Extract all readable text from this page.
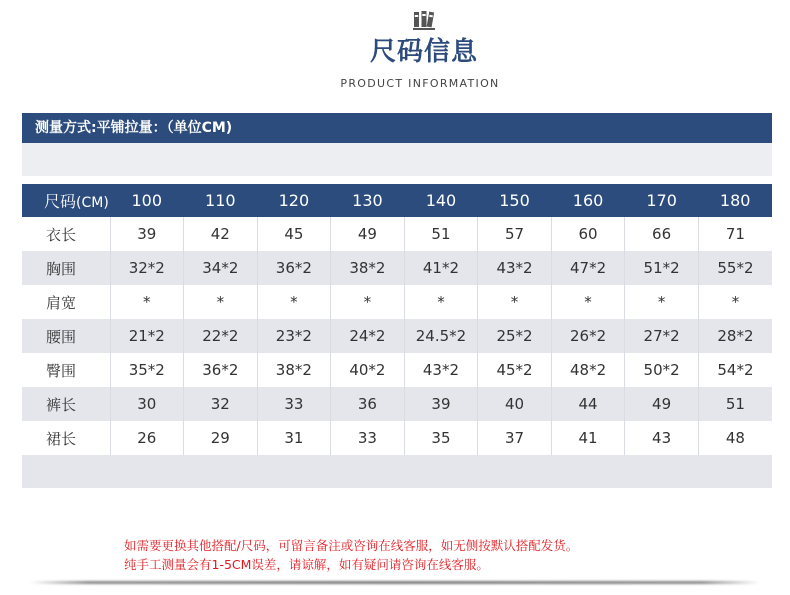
尺码信息
PRODUCT INFORMATION
测量方式:平铺拉量：（单位CM)
尺码(CM)	100	110	120	130	140	150	160	170	180
衣长	39	42	45	49	51	57	60	66	71
胸围	32*2	34*2	36*2	38*2	41*2	43*2	47*2	51*2	55*2
肩宽	*	*	*	*	*	*	*	*	*
腰围	21*2	22*2	23*2	24*2	24.5*2	25*2	26*2	27*2	28*2
臀围	35*2	36*2	38*2	40*2	43*2	45*2	48*2	50*2	54*2
裤长	30	32	33	36	39	40	44	49	51
裙长	26	29	31	33	35	37	41	43	48

如需要更换其他搭配/尺码，可留言备注或咨询在线客服，如无侧按默认搭配发货。
纯手工测量会有1-5CM误差，请谅解，如有疑问请咨询在线客服。
